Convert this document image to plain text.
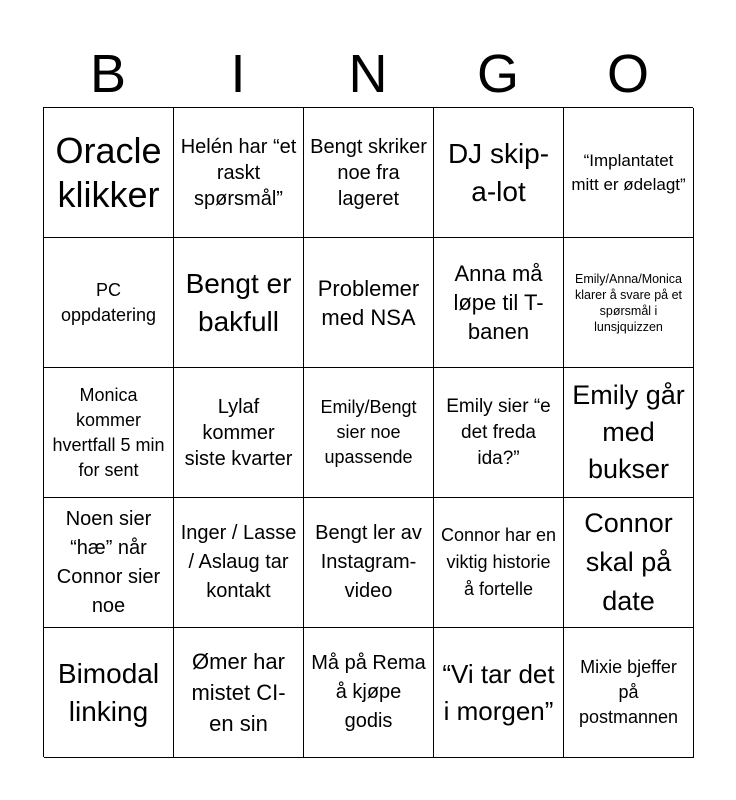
B	I	N	G	O
Oracle klikker
Helén har “et raskt spørsmål”
Bengt skriker noe fra lageret
DJ skip-a-lot
“Implantatet mitt er ødelagt”
PC oppdatering
Bengt er bakfull
Problemer med NSA
Anna må løpe til T-banen
Emily/Anna/Monica klarer å svare på et spørsmål i lunsjquizzen
Monica kommer hvertfall 5 min for sent
Lylaf kommer siste kvarter
Emily/Bengt sier noe upassende
Emily sier “e det freda ida?”
Emily går med bukser
Noen sier “hæ” når Connor sier noe
Inger / Lasse / Aslaug tar kontakt
Bengt ler av Instagram-video
Connor har en viktig historie å fortelle
Connor skal på date
Bimodal linking
Ømer har mistet CI-en sin
Må på Rema å kjøpe godis
“Vi tar det i morgen”
Mixie bjeffer på postmannen
